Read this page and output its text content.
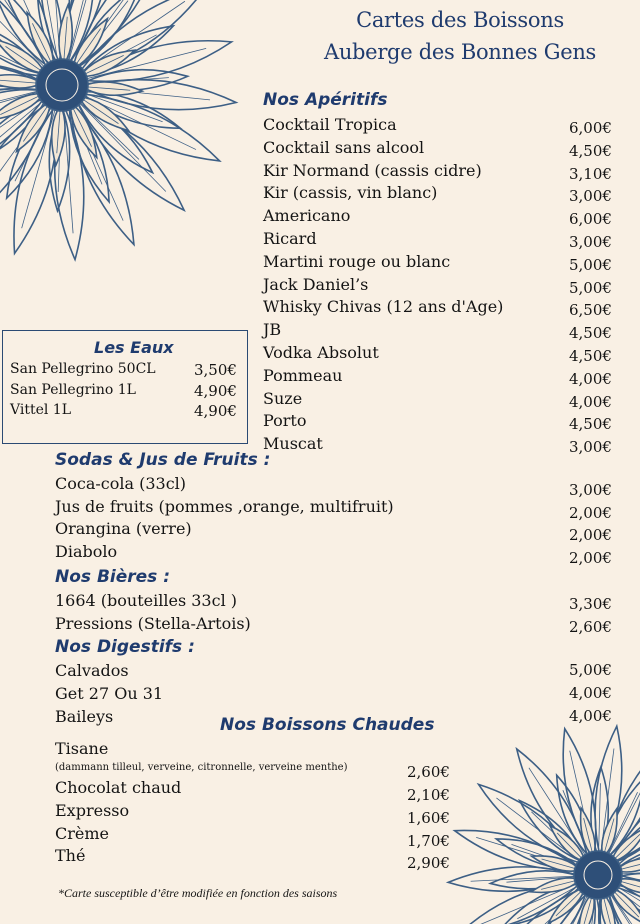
Cartes des Boissons
Auberge des Bonnes Gens
Nos Apéritifs
Cocktail Tropica	6,00€
Cocktail sans alcool	4,50€
Kir Normand (cassis cidre)	3,10€
Kir (cassis, vin blanc)	3,00€
Americano	6,00€
Ricard	3,00€
Martini rouge ou blanc	5,00€
Jack Daniel’s	5,00€
Whisky Chivas (12 ans d'Age)	6,50€
JB	4,50€
Vodka Absolut	4,50€
Pommeau	4,00€
Suze	4,00€
Porto	4,50€
Muscat	3,00€
Les Eaux
San Pellegrino 50CL	3,50€
San Pellegrino 1L	4,90€
Vittel 1L	4,90€
Sodas & Jus de Fruits :
Coca-cola (33cl)	3,00€
Jus de fruits (pommes ,orange, multifruit)	2,00€
Orangina (verre)	2,00€
Diabolo	2,00€
Nos Bières :
1664 (bouteilles 33cl )	3,30€
Pressions (Stella-Artois)	2,60€
Nos Digestifs :
Calvados	5,00€
Get 27 Ou 31	4,00€
Baileys	4,00€
Nos Boissons Chaudes
Tisane
(dammann tilleul, verveine, citronnelle, verveine menthe)	2,60€
Chocolat chaud	2,10€
Expresso	1,60€
Crème	1,70€
Thé	2,90€
*Carte susceptible d’être modifiée en fonction des saisons
